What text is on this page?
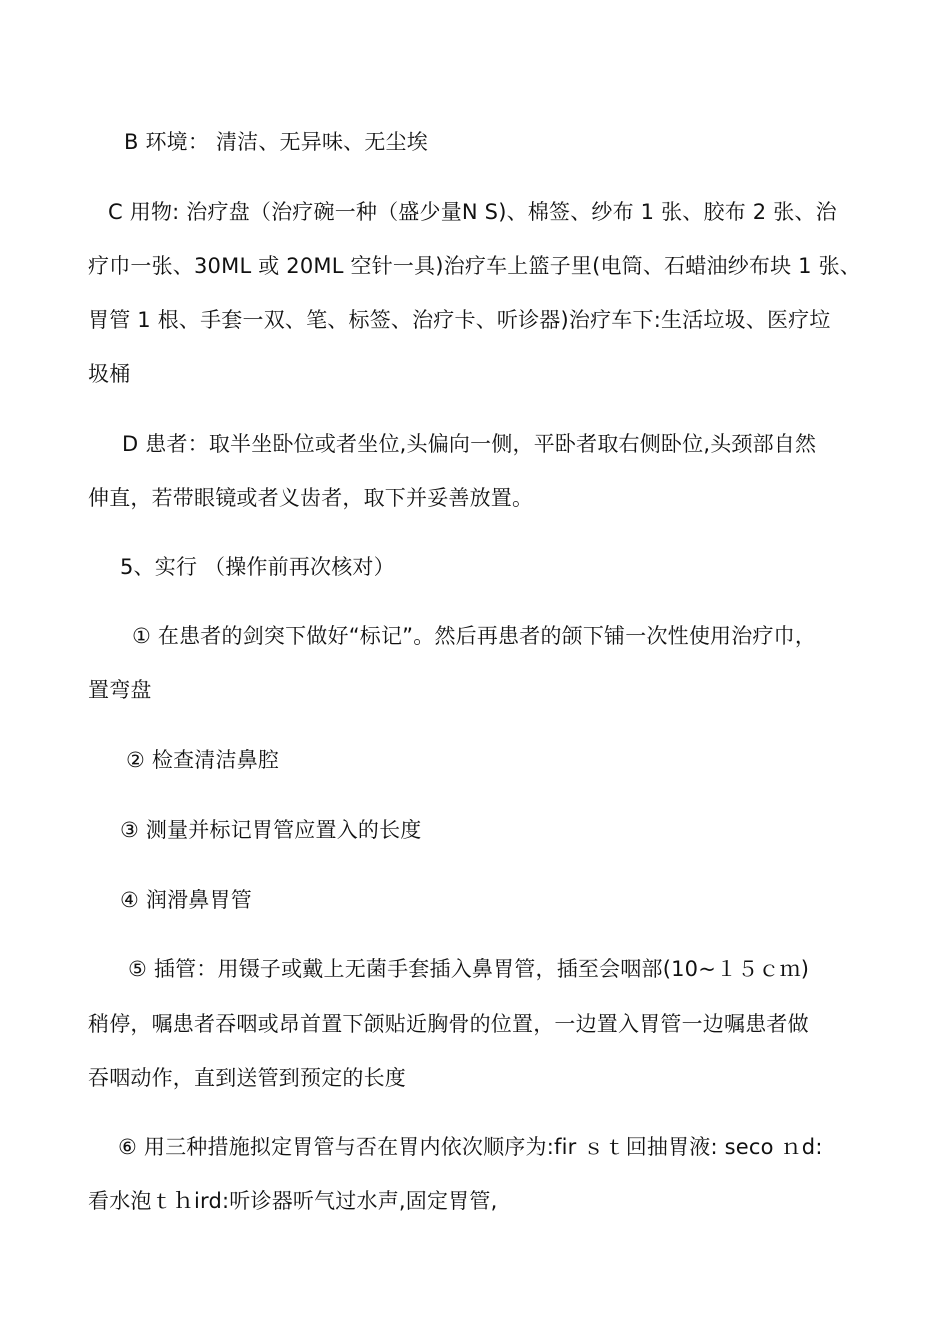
B 环境： 清洁、无异味、无尘埃
C 用物: 治疗盘（治疗碗一种（盛少量N S)、棉签、纱布 1 张、胶布 2 张、治
疗巾一张、30ML 或 20ML 空针一具)治疗车上篮子里(电筒、石蜡油纱布块 1 张、
胃管 1 根、手套一双、笔、标签、治疗卡、听诊器)治疗车下:生活垃圾、医疗垃
圾桶
D 患者：取半坐卧位或者坐位,头偏向一侧，平卧者取右侧卧位,头颈部自然
伸直，若带眼镜或者义齿者，取下并妥善放置。
5、实行 （操作前再次核对）
① 在患者的剑突下做好“标记”。然后再患者的颌下铺一次性使用治疗巾，
置弯盘
② 检查清洁鼻腔
③ 测量并标记胃管应置入的长度
④ 润滑鼻胃管
⑤ 插管：用镊子或戴上无菌手套插入鼻胃管，插至会咽部(10~１５ｃｍ)
稍停，嘱患者吞咽或昂首置下颌贴近胸骨的位置，一边置入胃管一边嘱患者做
吞咽动作，直到送管到预定的长度
⑥ 用三种措施拟定胃管与否在胃内依次顺序为:fir ｓｔ回抽胃液: seco ｎd:
看水泡ｔｈird:听诊器听气过水声,固定胃管,
